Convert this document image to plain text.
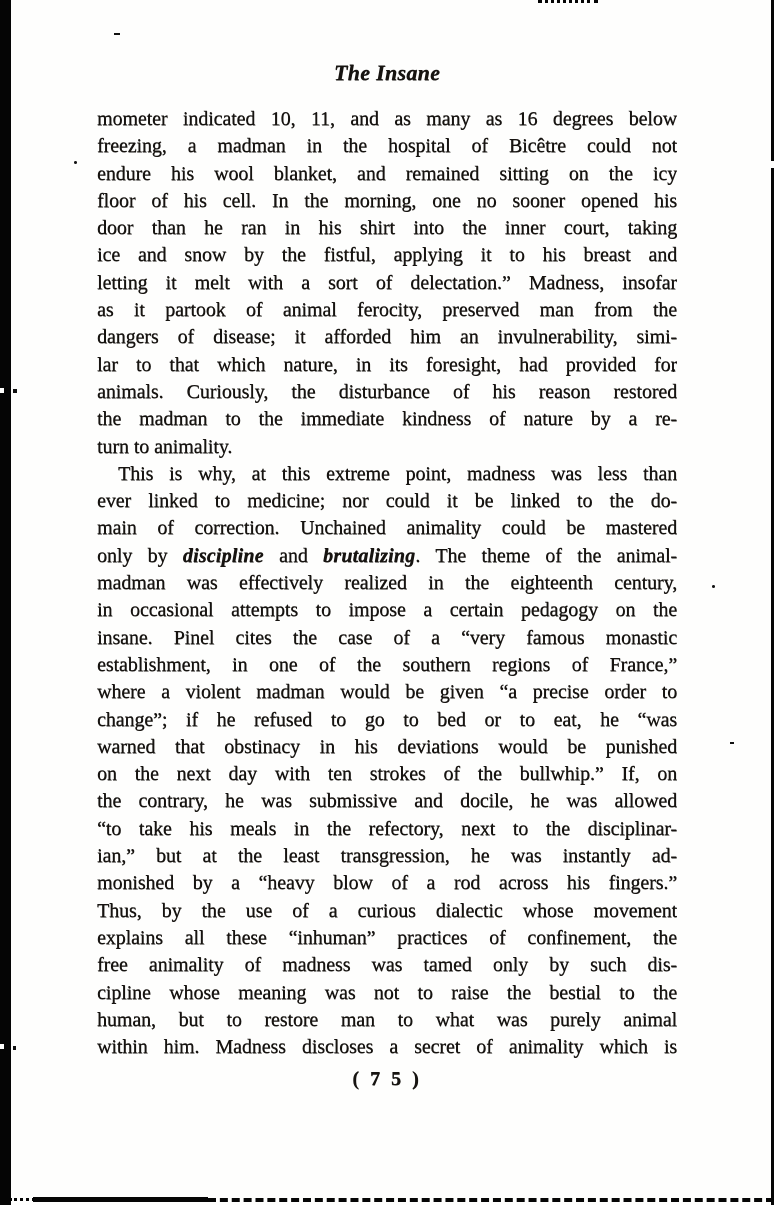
The Insane
mometer indicated 10, 11, and as many as 16 degrees below
freezing, a madman in the hospital of Bicêtre could not
endure his wool blanket, and remained sitting on the icy
floor of his cell. In the morning, one no sooner opened his
door than he ran in his shirt into the inner court, taking
ice and snow by the fistful, applying it to his breast and
letting it melt with a sort of delectation.” Madness, insofar
as it partook of animal ferocity, preserved man from the
dangers of disease; it afforded him an invulnerability, simi-
lar to that which nature, in its foresight, had provided for
animals. Curiously, the disturbance of his reason restored
the madman to the immediate kindness of nature by a re-
turn to animality.
This is why, at this extreme point, madness was less than
ever linked to medicine; nor could it be linked to the do-
main of correction. Unchained animality could be mastered
only by discipline and brutalizing. The theme of the animal-
madman was effectively realized in the eighteenth century,
in occasional attempts to impose a certain pedagogy on the
insane. Pinel cites the case of a “very famous monastic
establishment, in one of the southern regions of France,”
where a violent madman would be given “a precise order to
change”; if he refused to go to bed or to eat, he “was
warned that obstinacy in his deviations would be punished
on the next day with ten strokes of the bullwhip.” If, on
the contrary, he was submissive and docile, he was allowed
“to take his meals in the refectory, next to the disciplinar-
ian,” but at the least transgression, he was instantly ad-
monished by a “heavy blow of a rod across his fingers.”
Thus, by the use of a curious dialectic whose movement
explains all these “inhuman” practices of confinement, the
free animality of madness was tamed only by such dis-
cipline whose meaning was not to raise the bestial to the
human, but to restore man to what was purely animal
within him. Madness discloses a secret of animality which is
( 7 5 )
